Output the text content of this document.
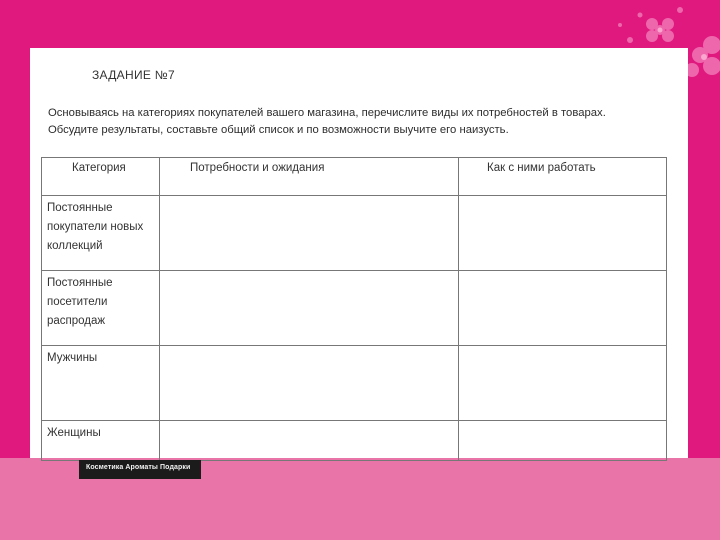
ЗАДАНИЕ №7

Основываясь на категориях покупателей вашего магазина, перечислите виды их потребностей в товарах.

Обсудите результаты, составьте общий список и по возможности выучите его наизусть.

Категория	Потребности и ожидания	Как с ними работать

Постоянные покупатели новых коллекций		

Постоянные посетители распродаж		

Мужчины		

Женщины		

Косметика Ароматы Подарки
